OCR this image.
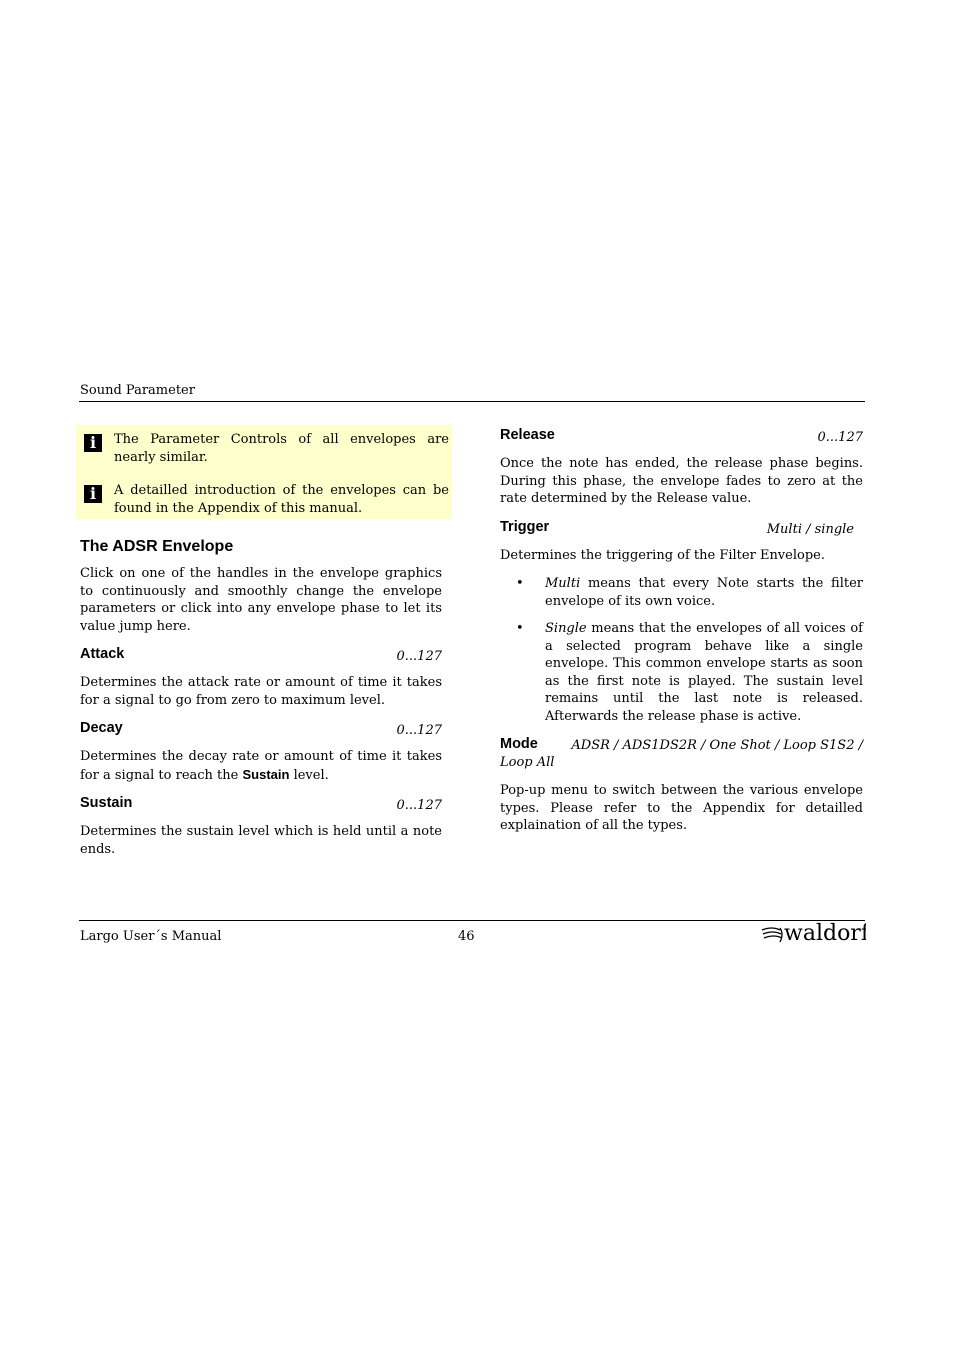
Sound Parameter
i	The Parameter Controls of all envelopes are nearly similar.

i	A detailled introduction of the envelopes can be found in the Appendix of this manual.

The ADSR Envelope

Click on one of the handles in the envelope graphics to continuously and smoothly change the envelope parameters or click into any envelope phase to let its value jump here.

Attack	0...127

Determines the attack rate or amount of time it takes for a signal to go from zero to maximum level.

Decay	0...127

Determines the decay rate or amount of time it takes for a signal to reach the Sustain level.

Sustain	0...127

Determines the sustain level which is held until a note ends.

Release	0...127

Once the note has ended, the release phase begins. During this phase, the envelope fades to zero at the rate determined by the Release value.

Trigger	Multi / single

Determines the triggering of the Filter Envelope.

• Multi means that every Note starts the filter envelope of its own voice.

• Single means that the envelopes of all voices of a selected program behave like a single envelope. This common envelope starts as soon as the first note is played. The sustain level remains until the last note is released. Afterwards the release phase is active.

Mode	ADSR / ADS1DS2R / One Shot / Loop S1S2 /
Loop All

Pop-up menu to switch between the various envelope types. Please refer to the Appendix for detailled explaination of all the types.

Largo User´s Manual	46	waldorf
